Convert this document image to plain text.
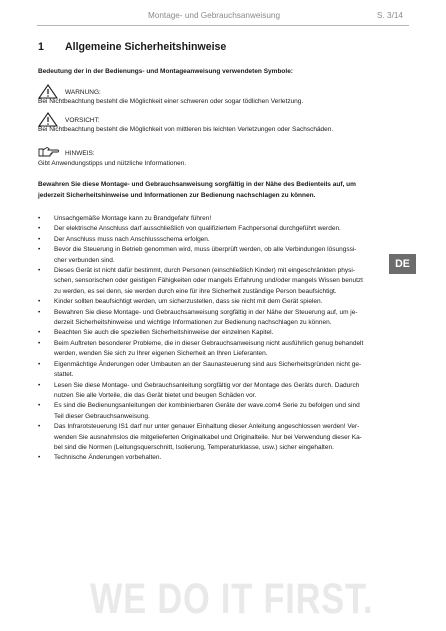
Montage- und Gebrauchsanweisung	S. 3/14
1 Allgemeine Sicherheitshinweise
Bedeutung der in der Bedienungs- und Montageanweisung verwendeten Symbole:
WARNUNG:
Bei Nichtbeachtung besteht die Möglichkeit einer schweren oder sogar tödlichen Verletzung.
VORSICHT:
Bei Nichtbeachtung besteht die Möglichkeit von mittleren bis leichten Verletzungen oder Sachschäden.
HINWEIS:
Gibt Anwendungstipps und nützliche Informationen.
Bewahren Sie diese Montage- und Gebrauchsanweisung sorgfältig in der Nähe des Bedienteils auf, um
jederzeit Sicherheitshinweise und Informationen zur Bedienung nachschlagen zu können.
• Unsachgemäße Montage kann zu Brandgefahr führen!
• Der elektrische Anschluss darf ausschließlich von qualifiziertem Fachpersonal durchgeführt werden.
• Der Anschluss muss nach Anschlussschema erfolgen.
• Bevor die Steuerung in Betrieb genommen wird, muss überprüft werden, ob alle Verbindungen lösungssi-
cher verbunden sind.
• Dieses Gerät ist nicht dafür bestimmt, durch Personen (einschließlich Kinder) mit eingeschränkten physi-
schen, sensorischen oder geistigen Fähigkeiten oder mangels Erfahrung und/oder mangels Wissen benutzt
zu werden, es sei denn, sie werden durch eine für ihre Sicherheit zuständige Person beaufsichtigt.
• Kinder sollten beaufsichtigt werden, um sicherzustellen, dass sie nicht mit dem Gerät spielen.
• Bewahren Sie diese Montage- und Gebrauchsanweisung sorgfältig in der Nähe der Steuerung auf, um je-
derzeit Sicherheitshinweise und wichtige Informationen zur Bedienung nachschlagen zu können.
• Beachten Sie auch die speziellen Sicherheitshinweise der einzelnen Kapitel.
• Beim Auftreten besonderer Probleme, die in dieser Gebrauchsanweisung nicht ausführlich genug behandelt
werden, wenden Sie sich zu Ihrer eigenen Sicherheit an Ihren Lieferanten.
• Eigenmächtige Änderungen oder Umbauten an der Saunasteuerung sind aus Sicherheitsgründen nicht ge-
stattet.
• Lesen Sie diese Montage- und Gebrauchsanleitung sorgfältig vor der Montage des Geräts durch. Dadurch
nutzen Sie alle Vorteile, die das Gerät bietet und beugen Schäden vor.
• Es sind die Bedienungsanleitungen der kombinierbaren Geräte der wave.com4 Serie zu befolgen und sind
Teil dieser Gebrauchsanweisung.
• Das Infrarotsteuerung IS1 darf nur unter genauer Einhaltung dieser Anleitung angeschlossen werden! Ver-
wenden Sie ausnahmslos die mitgelieferten Originalkabel und Originalteile. Nur bei Verwendung dieser Ka-
bel sind die Normen (Leitungsquerschnitt, Isolierung, Temperaturklasse, usw.) sicher eingehalten.
• Technische Änderungen vorbehalten.
DE
WE DO IT FIRST.
